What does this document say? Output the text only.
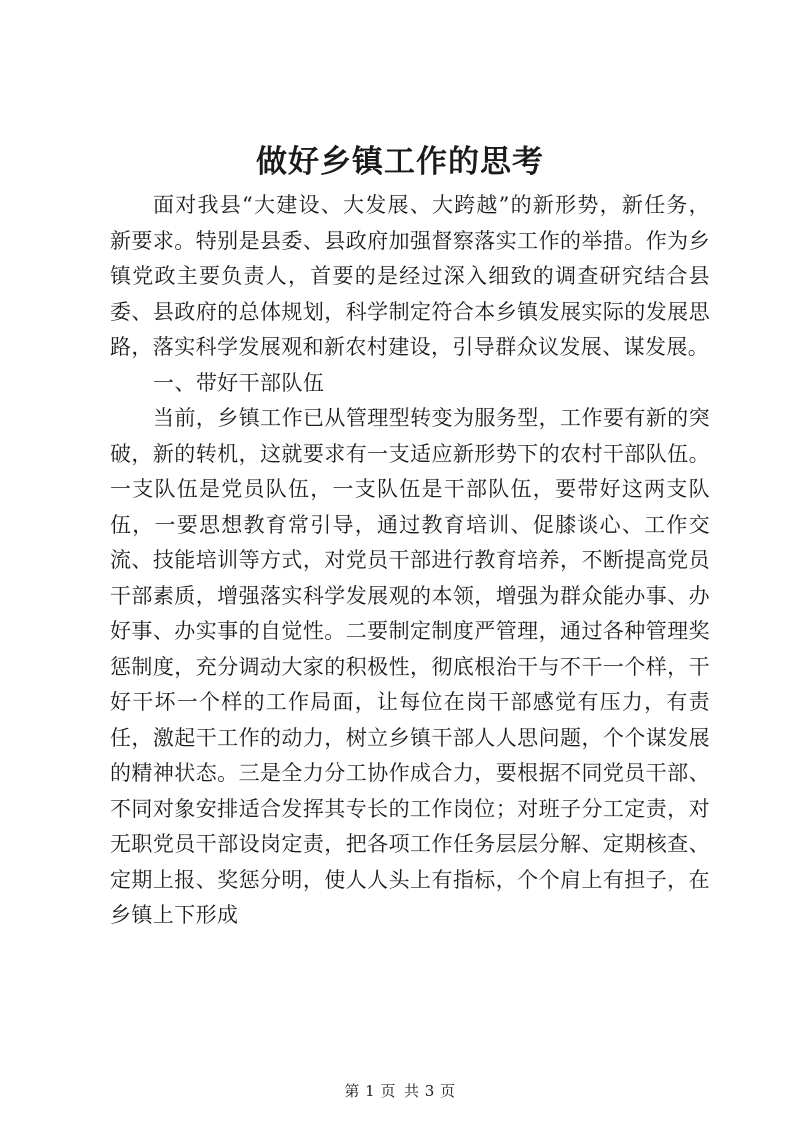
做好乡镇工作的思考

面对我县“大建设、大发展、大跨越”的新形势，新任务，新要求。特别是县委、县政府加强督察落实工作的举措。作为乡镇党政主要负责人，首要的是经过深入细致的调查研究结合县委、县政府的总体规划，科学制定符合本乡镇发展实际的发展思路，落实科学发展观和新农村建设，引导群众议发展、谋发展。

一、带好干部队伍

当前，乡镇工作已从管理型转变为服务型，工作要有新的突破，新的转机，这就要求有一支适应新形势下的农村干部队伍。一支队伍是党员队伍，一支队伍是干部队伍，要带好这两支队伍，一要思想教育常引导，通过教育培训、促膝谈心、工作交流、技能培训等方式，对党员干部进行教育培养，不断提高党员干部素质，增强落实科学发展观的本领，增强为群众能办事、办好事、办实事的自觉性。二要制定制度严管理，通过各种管理奖惩制度，充分调动大家的积极性，彻底根治干与不干一个样，干好干坏一个样的工作局面，让每位在岗干部感觉有压力，有责任，激起干工作的动力，树立乡镇干部人人思问题，个个谋发展的精神状态。三是全力分工协作成合力，要根据不同党员干部、不同对象安排适合发挥其专长的工作岗位；对班子分工定责，对无职党员干部设岗定责，把各项工作任务层层分解、定期核查、定期上报、奖惩分明，使人人头上有指标，个个肩上有担子，在乡镇上下形成

第 1 页 共 3 页
